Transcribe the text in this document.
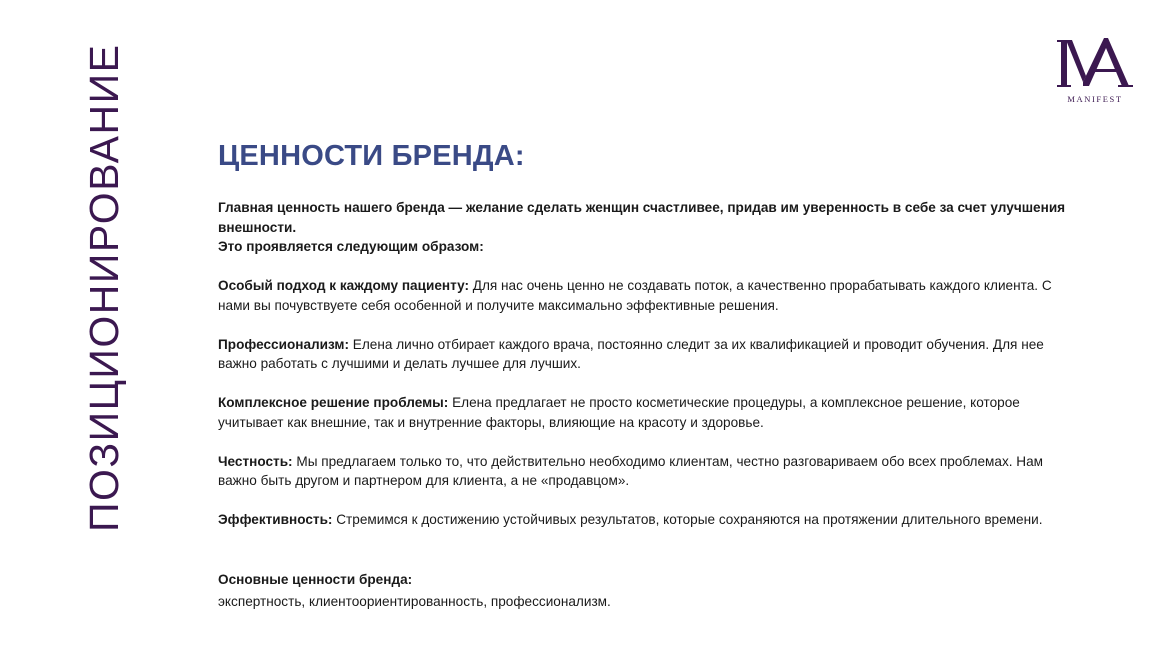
ПОЗИЦИОНИРОВАНИЕ	MANIFEST
ЦЕННОСТИ БРЕНДА:
Главная ценность нашего бренда — желание сделать женщин счастливее, придав им уверенность в себе за счет улучшения внешности.
Это проявляется следующим образом:
Особый подход к каждому пациенту: Для нас очень ценно не создавать поток, а качественно прорабатывать каждого клиента. С нами вы почувствуете себя особенной и получите максимально эффективные решения.
Профессионализм: Елена лично отбирает каждого врача, постоянно следит за их квалификацией и проводит обучения. Для нее важно работать с лучшими и делать лучшее для лучших.
Комплексное решение проблемы: Елена предлагает не просто косметические процедуры, а комплексное решение, которое учитывает как внешние, так и внутренние факторы, влияющие на красоту и здоровье.
Честность: Мы предлагаем только то, что действительно необходимо клиентам, честно разговариваем обо всех проблемах. Нам важно быть другом и партнером для клиента, а не «продавцом».
Эффективность: Стремимся к достижению устойчивых результатов, которые сохраняются на протяжении длительного времени.
Основные ценности бренда:
экспертность, клиентоориентированность, профессионализм.
